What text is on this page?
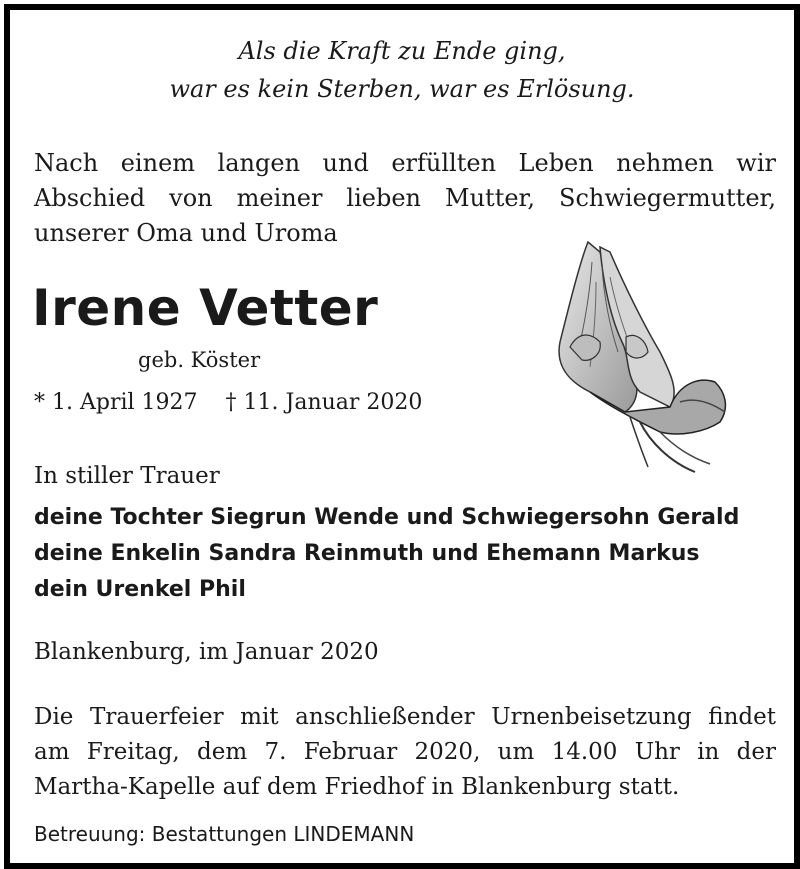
Als die Kraft zu Ende ging,
war es kein Sterben, war es Erlösung.
Nach einem langen und erfüllten Leben nehmen wir
Abschied von meiner lieben Mutter, Schwiegermutter,
unserer Oma und Uroma
Irene Vetter
geb. Köster
* 1. April 1927 † 11. Januar 2020
In stiller Trauer
deine Tochter Siegrun Wende und Schwiegersohn Gerald
deine Enkelin Sandra Reinmuth und Ehemann Markus
dein Urenkel Phil
Blankenburg, im Januar 2020
Die Trauerfeier mit anschließender Urnenbeisetzung findet
am Freitag, dem 7. Februar 2020, um 14.00 Uhr in der
Martha-Kapelle auf dem Friedhof in Blankenburg statt.
Betreuung: Bestattungen LINDEMANN
